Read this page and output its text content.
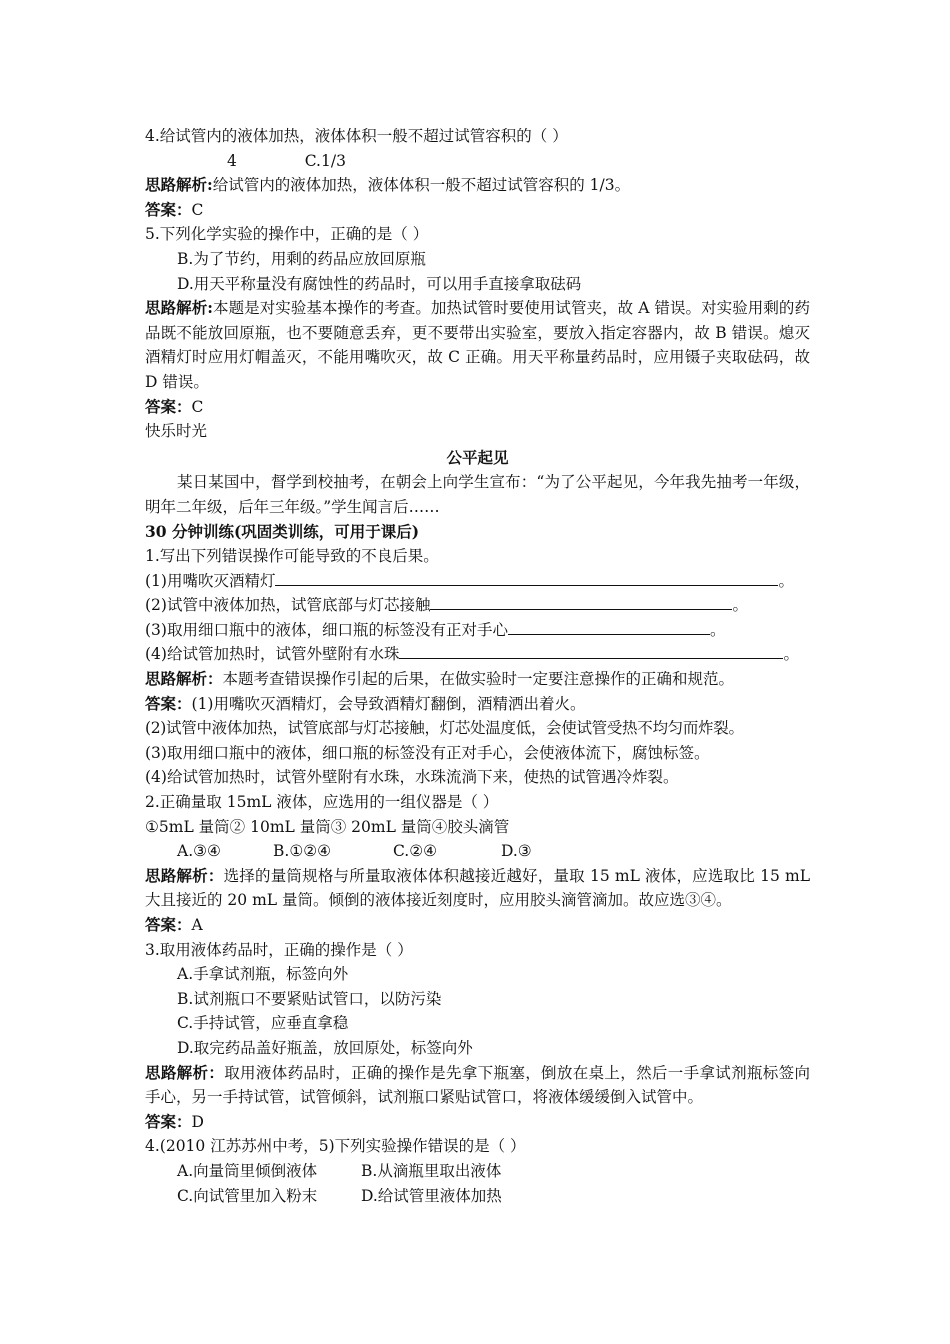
4.给试管内的液体加热，液体体积一般不超过试管容积的（ ）
4	C.1/3
思路解析:给试管内的液体加热，液体体积一般不超过试管容积的 1/3。
答案：C
5.下列化学实验的操作中，正确的是（ ）
B.为了节约，用剩的药品应放回原瓶
D.用天平称量没有腐蚀性的药品时，可以用手直接拿取砝码
思路解析:本题是对实验基本操作的考查。加热试管时要使用试管夹，故 A 错误。对实验用剩的药品既不能放回原瓶，也不要随意丢弃，更不要带出实验室，要放入指定容器内，故 B 错误。熄灭酒精灯时应用灯帽盖灭，不能用嘴吹灭，故 C 正确。用天平称量药品时，应用镊子夹取砝码，故 D 错误。
答案：C
快乐时光
公平起见
某日某国中，督学到校抽考，在朝会上向学生宣布：“为了公平起见，今年我先抽考一年级，明年二年级，后年三年级。”学生闻言后……
30 分钟训练(巩固类训练，可用于课后)
1.写出下列错误操作可能导致的不良后果。
(1)用嘴吹灭酒精灯	。
(2)试管中液体加热，试管底部与灯芯接触	。
(3)取用细口瓶中的液体，细口瓶的标签没有正对手心	。
(4)给试管加热时，试管外壁附有水珠	。
思路解析：本题考查错误操作引起的后果，在做实验时一定要注意操作的正确和规范。
答案：(1)用嘴吹灭酒精灯，会导致酒精灯翻倒，酒精洒出着火。
(2)试管中液体加热，试管底部与灯芯接触，灯芯处温度低，会使试管受热不均匀而炸裂。
(3)取用细口瓶中的液体，细口瓶的标签没有正对手心，会使液体流下，腐蚀标签。
(4)给试管加热时，试管外壁附有水珠，水珠流淌下来，使热的试管遇冷炸裂。
2.正确量取 15mL 液体，应选用的一组仪器是（ ）
①5mL 量筒② 10mL 量筒③ 20mL 量筒④胶头滴管
A.③④	B.①②④	C.②④	D.③
思路解析：选择的量筒规格与所量取液体体积越接近越好，量取 15 mL 液体，应选取比 15 mL 大且接近的 20 mL 量筒。倾倒的液体接近刻度时，应用胶头滴管滴加。故应选③④。
答案：A
3.取用液体药品时，正确的操作是（ ）
A.手拿试剂瓶，标签向外
B.试剂瓶口不要紧贴试管口，以防污染
C.手持试管，应垂直拿稳
D.取完药品盖好瓶盖，放回原处，标签向外
思路解析：取用液体药品时，正确的操作是先拿下瓶塞，倒放在桌上，然后一手拿试剂瓶标签向手心，另一手持试管，试管倾斜，试剂瓶口紧贴试管口，将液体缓缓倒入试管中。
答案：D
4.(2010 江苏苏州中考，5)下列实验操作错误的是（ ）
A.向量筒里倾倒液体	B.从滴瓶里取出液体
C.向试管里加入粉末	D.给试管里液体加热
